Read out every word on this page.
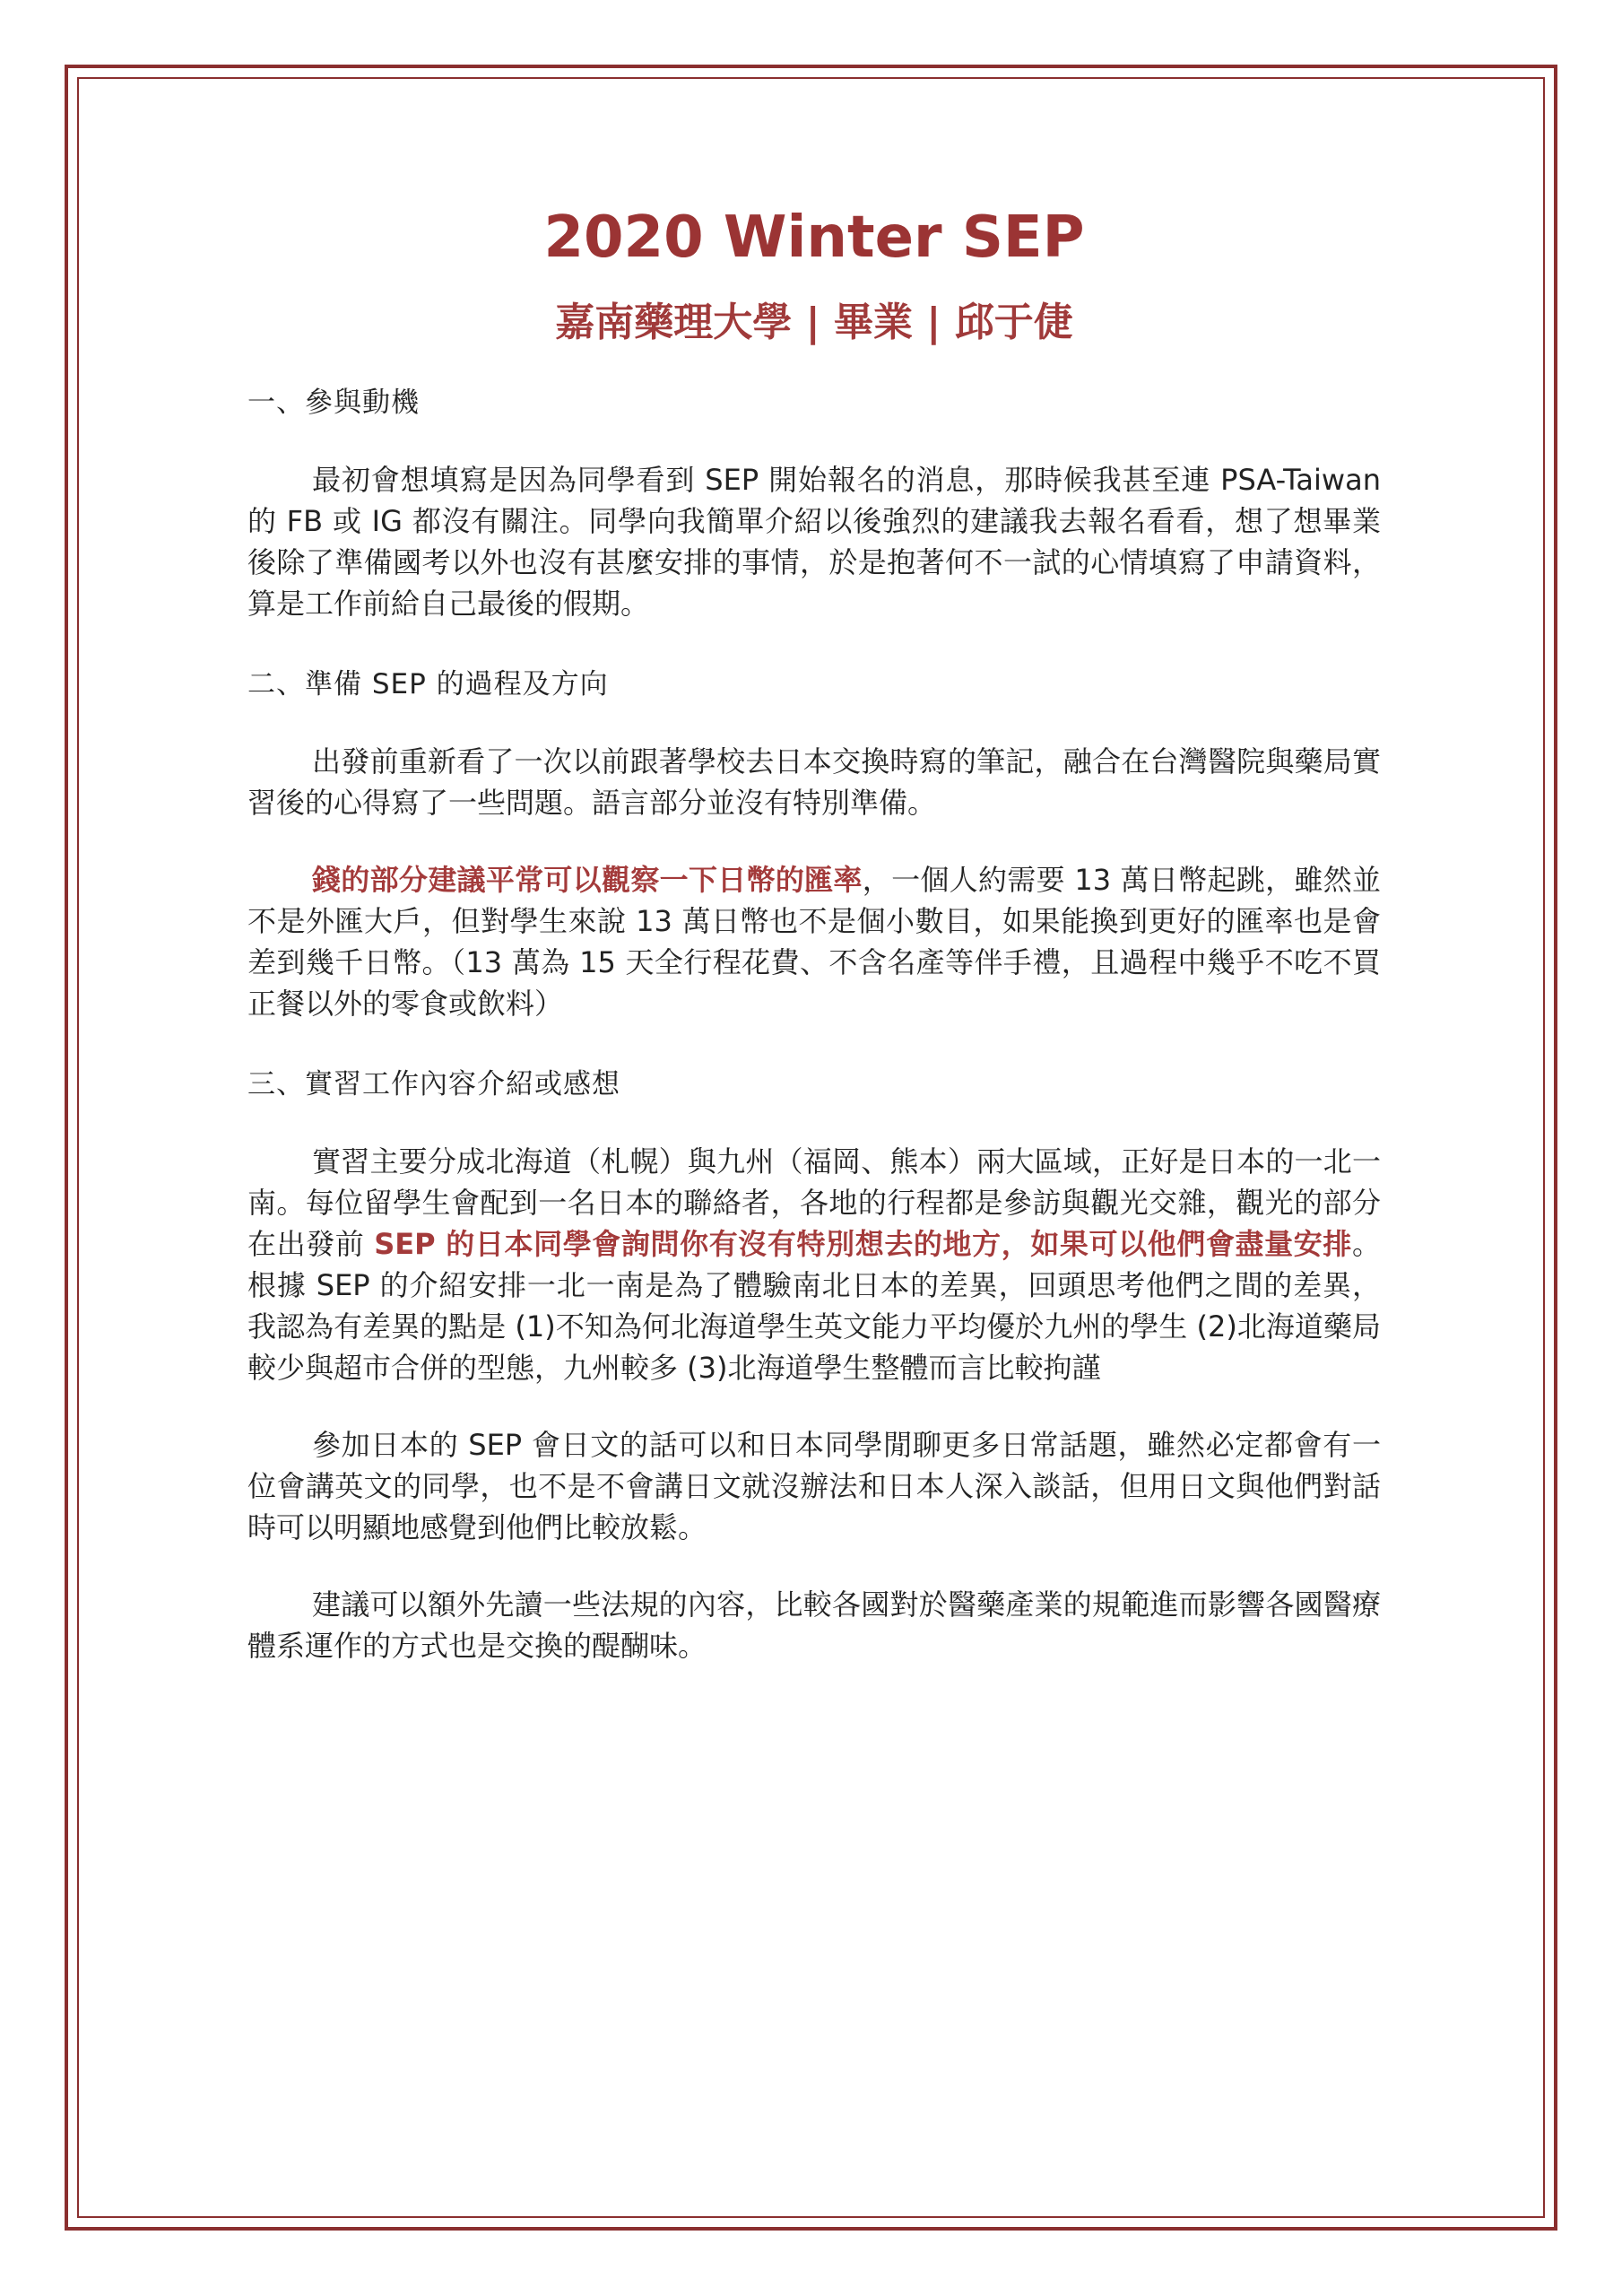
2020 Winter SEP
嘉南藥理大學 | 畢業 | 邱于倢

一、參與動機

最初會想填寫是因為同學看到 SEP 開始報名的消息，那時候我甚至連 PSA-Taiwan 的 FB 或 IG 都沒有關注。同學向我簡單介紹以後強烈的建議我去報名看看，想了想畢業後除了準備國考以外也沒有甚麼安排的事情，於是抱著何不一試的心情填寫了申請資料，算是工作前給自己最後的假期。

二、準備 SEP 的過程及方向

出發前重新看了一次以前跟著學校去日本交換時寫的筆記，融合在台灣醫院與藥局實習後的心得寫了一些問題。語言部分並沒有特別準備。

錢的部分建議平常可以觀察一下日幣的匯率，一個人約需要 13 萬日幣起跳，雖然並不是外匯大戶，但對學生來說 13 萬日幣也不是個小數目，如果能換到更好的匯率也是會差到幾千日幣。（13 萬為 15 天全行程花費、不含名產等伴手禮，且過程中幾乎不吃不買正餐以外的零食或飲料）

三、實習工作內容介紹或感想

實習主要分成北海道（札幌）與九州（福岡、熊本）兩大區域，正好是日本的一北一南。每位留學生會配到一名日本的聯絡者，各地的行程都是參訪與觀光交雜，觀光的部分在出發前 SEP 的日本同學會詢問你有沒有特別想去的地方，如果可以他們會盡量安排。根據 SEP 的介紹安排一北一南是為了體驗南北日本的差異，回頭思考他們之間的差異，我認為有差異的點是 (1)不知為何北海道學生英文能力平均優於九州的學生 (2)北海道藥局較少與超市合併的型態，九州較多 (3)北海道學生整體而言比較拘謹

參加日本的 SEP 會日文的話可以和日本同學閒聊更多日常話題，雖然必定都會有一位會講英文的同學，也不是不會講日文就沒辦法和日本人深入談話，但用日文與他們對話時可以明顯地感覺到他們比較放鬆。

建議可以額外先讀一些法規的內容，比較各國對於醫藥產業的規範進而影響各國醫療體系運作的方式也是交換的醍醐味。
